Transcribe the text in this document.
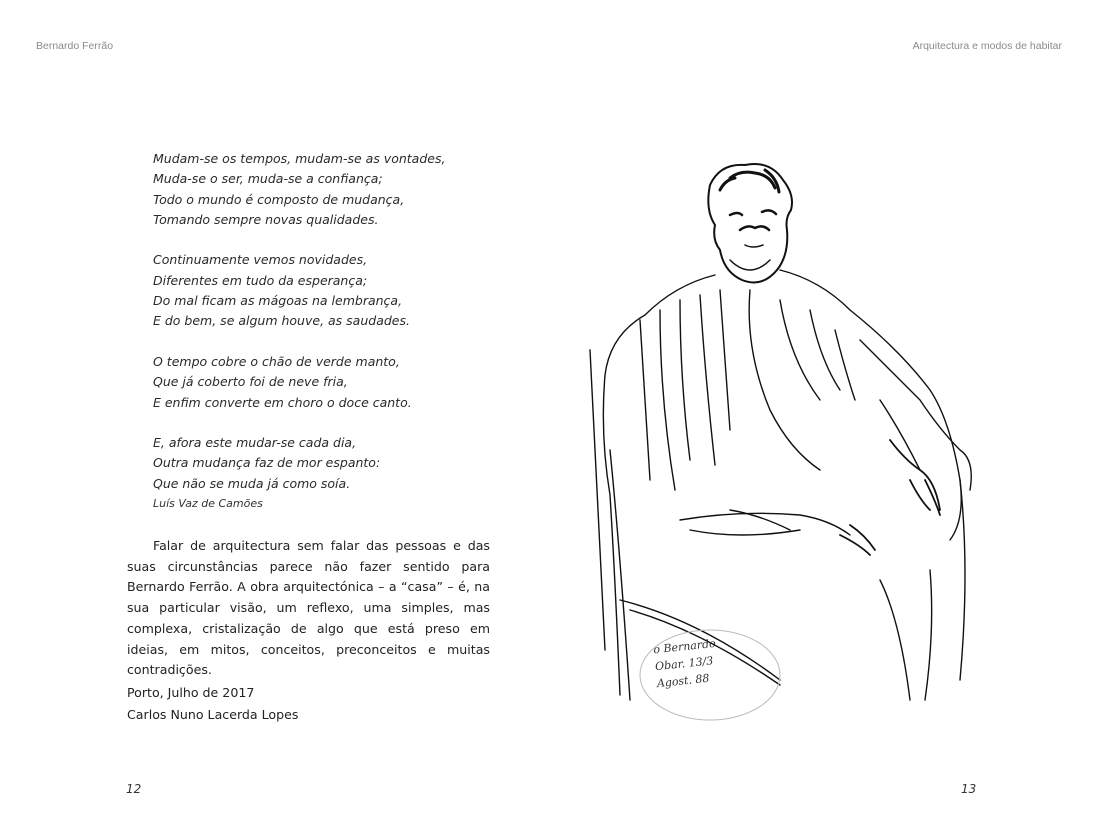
Bernardo Ferrão	Arquitectura e modos de habitar
Mudam-se os tempos, mudam-se as vontades,
Muda-se o ser, muda-se a confiança;
Todo o mundo é composto de mudança,
Tomando sempre novas qualidades.
Continuamente vemos novidades,
Diferentes em tudo da esperança;
Do mal ficam as mágoas na lembrança,
E do bem, se algum houve, as saudades.
O tempo cobre o chão de verde manto,
Que já coberto foi de neve fria,
E enfim converte em choro o doce canto.
E, afora este mudar-se cada dia,
Outra mudança faz de mor espanto:
Que não se muda já como soía.
Luís Vaz de Camões

Falar de arquitectura sem falar das pessoas e das suas circunstâncias parece não fazer sentido para Bernardo Ferrão. A obra arquitectónica – a “casa” – é, na sua particular visão, um reflexo, uma simples, mas complexa, cristalização de algo que está preso em ideias, em mitos, conceitos, preconceitos e muitas contradições.

Porto, Julho de 2017
Carlos Nuno Lacerda Lopes
o Bernardo
Obar. 13/3
Agost. 88
12	13
